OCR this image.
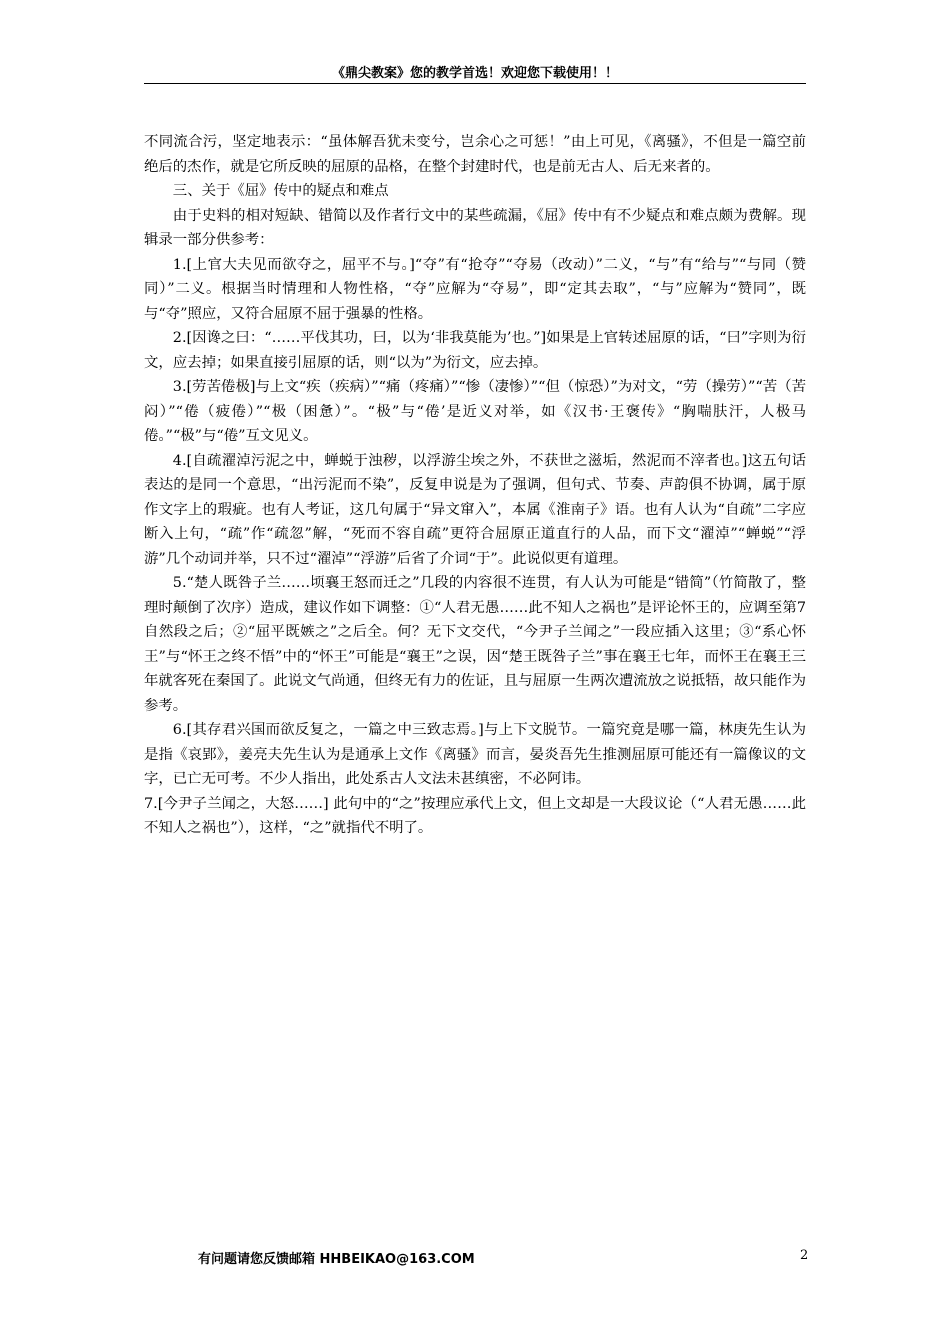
《鼎尖教案》您的教学首选！欢迎您下载使用！！

不同流合污，坚定地表示：“虽体解吾犹未变兮，岂余心之可惩！”由上可见，《离骚》，不但是一篇空前绝后的杰作，就是它所反映的屈原的品格，在整个封建时代，也是前无古人、后无来者的。

三、关于《屈》传中的疑点和难点

由于史料的相对短缺、错简以及作者行文中的某些疏漏，《屈》传中有不少疑点和难点颇为费解。现辑录一部分供参考：

1.[上官大夫见而欲夺之，屈平不与。]“夺”有“抢夺”“夺易（改动）”二义，“与”有“给与”“与同（赞同）”二义。根据当时情理和人物性格，“夺”应解为“夺易”，即“定其去取”，“与”应解为“赞同”，既与“夺”照应，又符合屈原不屈于强暴的性格。

2.[因谗之曰：“……平伐其功，曰，以为‘非我莫能为’也。”]如果是上官转述屈原的话，“曰”字则为衍文，应去掉；如果直接引屈原的话，则“以为”为衍文，应去掉。

3.[劳苦倦极]与上文“疾（疾病）”“痛（疼痛）”“惨（凄惨）”“但（惊恐）”为对文，“劳（操劳）”“苦（苦闷）”“倦（疲倦）”“极（困惫）”。“极”与“倦’是近义对举，如《汉书·王褒传》“胸喘肤汗，人极马倦。”“极”与“倦”互文见义。

4.[自疏濯淖污泥之中，蝉蜕于浊秽，以浮游尘埃之外，不获世之滋垢，然泥而不滓者也。]这五句话表达的是同一个意思，“出污泥而不染”，反复申说是为了强调，但句式、节奏、声韵俱不协调，属于原作文字上的瑕疵。也有人考证，这几句属于“异文窜入”，本属《淮南子》语。也有人认为“自疏”二字应断入上句，“疏”作“疏忽”解，“死而不容自疏”更符合屈原正道直行的人品，而下文“濯淖”“蝉蜕”“浮游”几个动词并举，只不过“濯淖”“浮游”后省了介词“于”。此说似更有道理。

5.“楚人既咎子兰……顷襄王怒而迁之”几段的内容很不连贯，有人认为可能是“错简”（竹简散了，整理时颠倒了次序）造成，建议作如下调整：①“人君无愚……此不知人之祸也”是评论怀王的，应调至第7自然段之后；②“屈平既嫉之”之后全。何？无下文交代，“今尹子兰闻之”一段应插入这里；③“系心怀王”与“怀王之终不悟”中的“怀王”可能是“襄王”之误，因“楚王既咎子兰”事在襄王七年，而怀王在襄王三年就客死在秦国了。此说文气尚通，但终无有力的佐证，且与屈原一生两次遭流放之说抵牾，故只能作为参考。

6.[其存君兴国而欲反复之，一篇之中三致志焉。]与上下文脱节。一篇究竟是哪一篇，林庚先生认为是指《哀郢》，姜亮夫先生认为是通承上文作《离骚》而言，晏炎吾先生推测屈原可能还有一篇像议的文字，已亡无可考。不少人指出，此处系古人文法未甚缜密，不必阿讳。

7.[今尹子兰闻之，大怒……] 此句中的“之”按理应承代上文，但上文却是一大段议论（“人君无愚……此不知人之祸也”），这样，“之”就指代不明了。

有问题请您反馈邮箱 HHBEIKAO@163.COM	2
